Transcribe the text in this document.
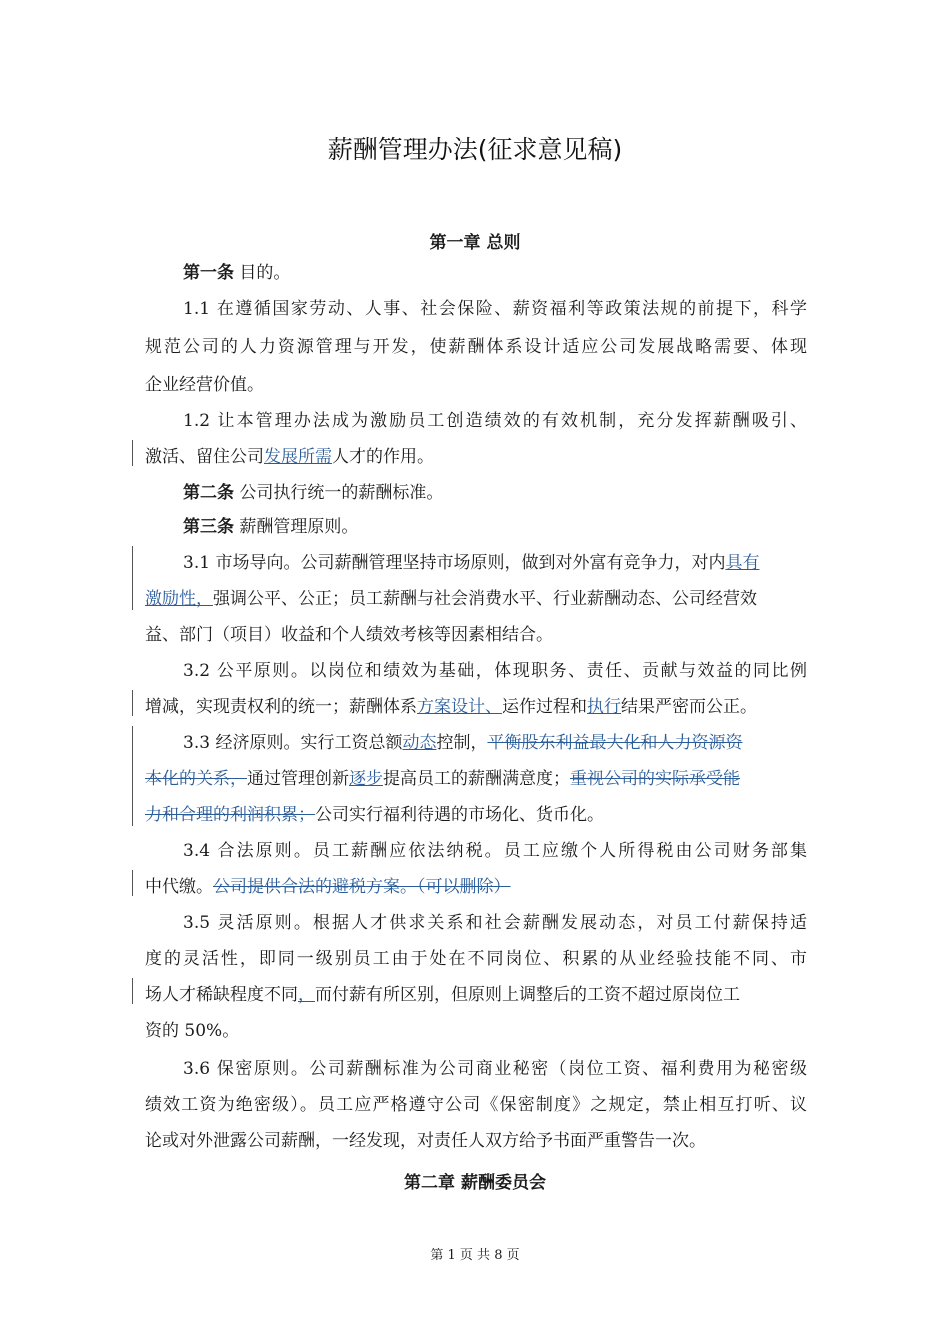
薪酬管理办法(征求意见稿)
第一章 总则
第一条 目的。
1.1 在遵循国家劳动、人事、社会保险、薪资福利等政策法规的前提下，科学
规范公司的人力资源管理与开发，使薪酬体系设计适应公司发展战略需要、体现
企业经营价值。
1.2 让本管理办法成为激励员工创造绩效的有效机制，充分发挥薪酬吸引、
激活、留住公司发展所需人才的作用。
第二条 公司执行统一的薪酬标准。
第三条 薪酬管理原则。
3.1 市场导向。公司薪酬管理坚持市场原则，做到对外富有竞争力，对内具有
激励性，强调公平、公正；员工薪酬与社会消费水平、行业薪酬动态、公司经营效
益、部门（项目）收益和个人绩效考核等因素相结合。
3.2 公平原则。以岗位和绩效为基础，体现职务、责任、贡献与效益的同比例
增减，实现责权利的统一；薪酬体系方案设计、运作过程和执行结果严密而公正。
3.3 经济原则。实行工资总额动态控制，平衡股东利益最大化和人力资源资
本化的关系，通过管理创新逐步提高员工的薪酬满意度；重视公司的实际承受能
力和合理的利润积累；公司实行福利待遇的市场化、货币化。
3.4 合法原则。员工薪酬应依法纳税。员工应缴个人所得税由公司财务部集
中代缴。公司提供合法的避税方案。（可以删除）
3.5 灵活原则。根据人才供求关系和社会薪酬发展动态，对员工付薪保持适
度的灵活性，即同一级别员工由于处在不同岗位、积累的从业经验技能不同、市
场人才稀缺程度不同，而付薪有所区别，但原则上调整后的工资不超过原岗位工
资的 50%。
3.6 保密原则。公司薪酬标准为公司商业秘密（岗位工资、福利费用为秘密级
绩效工资为绝密级）。员工应严格遵守公司《保密制度》之规定，禁止相互打听、议
论或对外泄露公司薪酬，一经发现，对责任人双方给予书面严重警告一次。
第二章 薪酬委员会
第 1 页 共 8 页
